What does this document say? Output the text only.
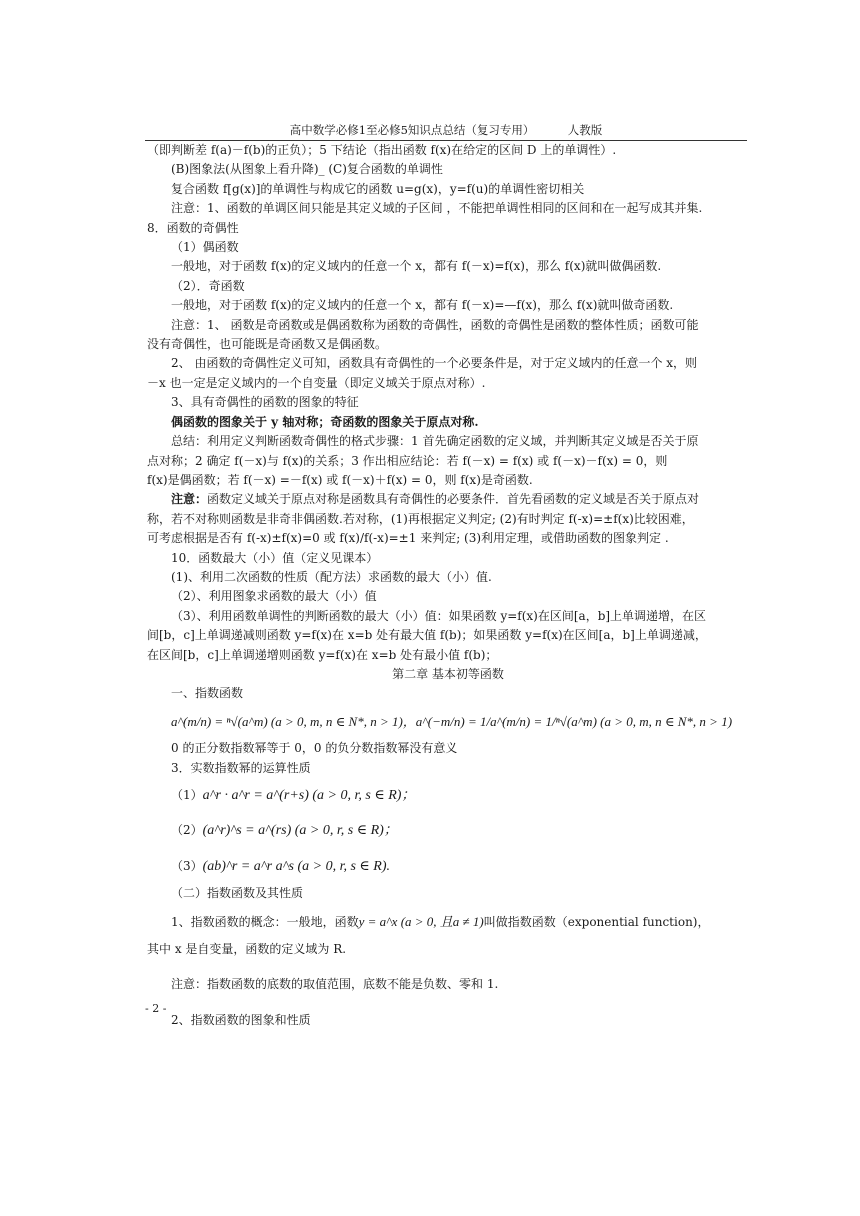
高中数学必修1至必修5知识点总结（复习专用）	人教版

（即判断差 f(a)－f(b)的正负）；5 下结论（指出函数 f(x)在给定的区间 D 上的单调性）.

(B)图象法(从图象上看升降)_ (C)复合函数的单调性

复合函数 f[g(x)]的单调性与构成它的函数 u=g(x)，y=f(u)的单调性密切相关

注意：1、函数的单调区间只能是其定义域的子区间 ，不能把单调性相同的区间和在一起写成其并集.

8．函数的奇偶性

（1）偶函数

一般地，对于函数 f(x)的定义域内的任意一个 x，都有 f(－x)=f(x)，那么 f(x)就叫做偶函数.

（2）．奇函数

一般地，对于函数 f(x)的定义域内的任意一个 x，都有 f(－x)=—f(x)，那么 f(x)就叫做奇函数.

注意：1、 函数是奇函数或是偶函数称为函数的奇偶性，函数的奇偶性是函数的整体性质；函数可能

没有奇偶性，也可能既是奇函数又是偶函数。

2、 由函数的奇偶性定义可知，函数具有奇偶性的一个必要条件是，对于定义域内的任意一个 x，则

－x 也一定是定义域内的一个自变量（即定义域关于原点对称）.

3、具有奇偶性的函数的图象的特征

偶函数的图象关于 y 轴对称；奇函数的图象关于原点对称.

总结：利用定义判断函数奇偶性的格式步骤：1 首先确定函数的定义域，并判断其定义域是否关于原

点对称；2 确定 f(－x)与 f(x)的关系；3 作出相应结论：若 f(－x) = f(x) 或 f(－x)－f(x) = 0，则

f(x)是偶函数；若 f(－x) =－f(x) 或 f(－x)＋f(x) = 0，则 f(x)是奇函数.

注意：函数定义域关于原点对称是函数具有奇偶性的必要条件．首先看函数的定义域是否关于原点对

称，若不对称则函数是非奇非偶函数.若对称，(1)再根据定义判定; (2)有时判定 f(-x)=±f(x)比较困难，

可考虑根据是否有 f(-x)±f(x)=0 或 f(x)/f(-x)=±1 来判定; (3)利用定理，或借助函数的图象判定 .

10．函数最大（小）值（定义见课本）

(1)、利用二次函数的性质（配方法）求函数的最大（小）值.

（2）、利用图象求函数的最大（小）值

（3）、利用函数单调性的判断函数的最大（小）值：如果函数 y=f(x)在区间[a，b]上单调递增，在区

间[b，c]上单调递减则函数 y=f(x)在 x=b 处有最大值 f(b)；如果函数 y=f(x)在区间[a，b]上单调递减，

在区间[b，c]上单调递增则函数 y=f(x)在 x=b 处有最小值 f(b)；

第二章 基本初等函数

一、指数函数

a^(m/n) = ⁿ√(a^m) (a > 0, m, n ∈ N*, n > 1)，a^(−m/n) = 1/a^(m/n) = 1/ⁿ√(a^m) (a > 0, m, n ∈ N*, n > 1)

0 的正分数指数幂等于 0，0 的负分数指数幂没有意义

3．实数指数幂的运算性质

（1） a^r · a^r = a^(r+s) (a > 0, r, s ∈ R)；

（2） (a^r)^s = a^(rs) (a > 0, r, s ∈ R)；

（3） (ab)^r = a^r a^s (a > 0, r, s ∈ R).

（二）指数函数及其性质

1、指数函数的概念：一般地，函数y = a^x (a > 0, 且a ≠ 1)叫做指数函数（exponential function)，

其中 x 是自变量，函数的定义域为 R.

注意：指数函数的底数的取值范围，底数不能是负数、零和 1.

2、指数函数的图象和性质

- 2 -
